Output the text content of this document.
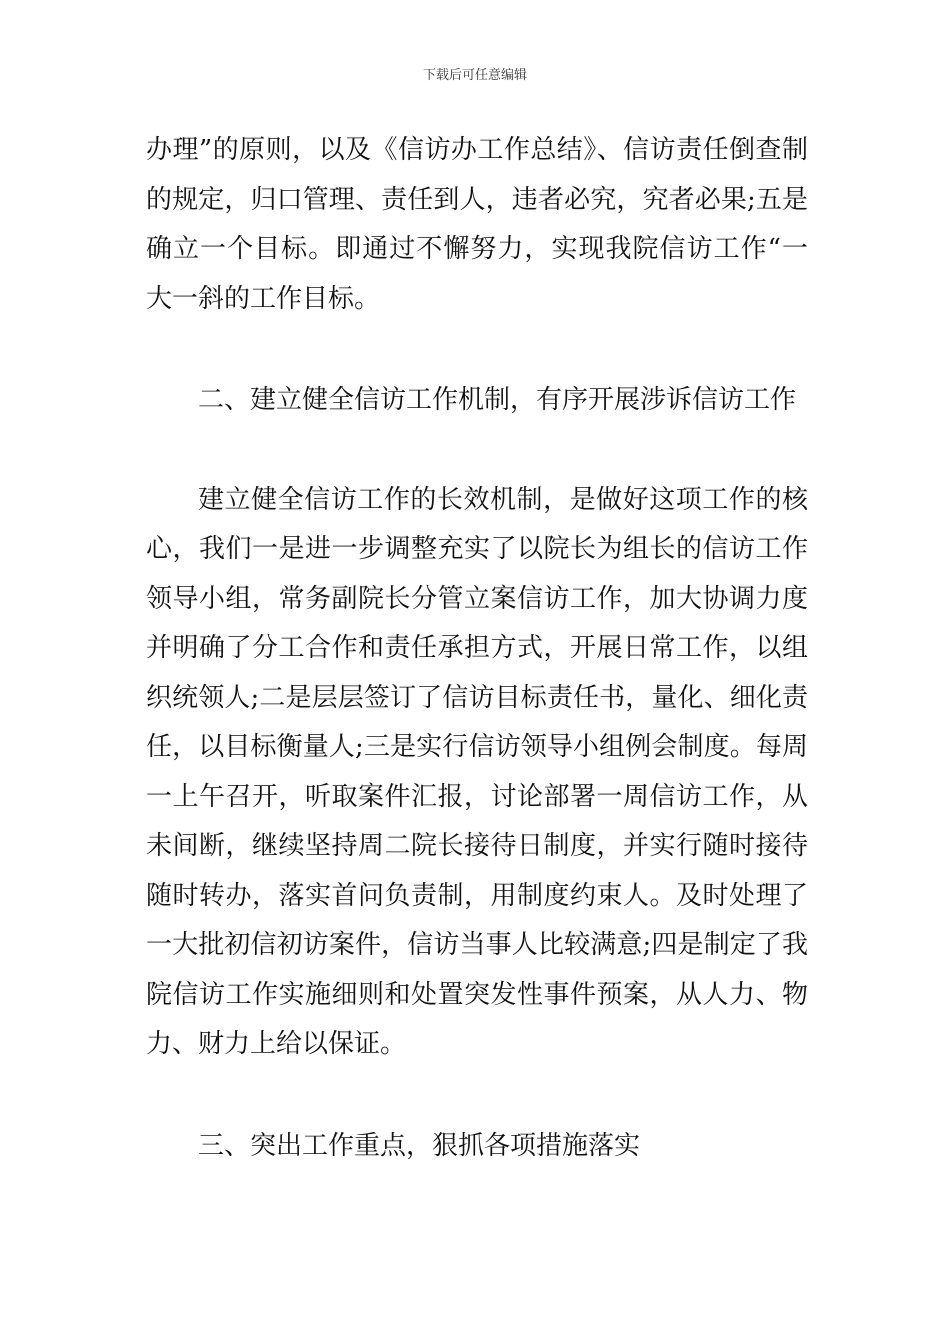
下载后可任意编辑

办理”的原则，以及《信访办工作总结》、信访责任倒查制的规定，归口管理、责任到人，违者必究，究者必果;五是确立一个目标。即通过不懈努力，实现我院信访工作“一大一斜的工作目标。

二、建立健全信访工作机制，有序开展涉诉信访工作

建立健全信访工作的长效机制，是做好这项工作的核心，我们一是进一步调整充实了以院长为组长的信访工作领导小组，常务副院长分管立案信访工作，加大协调力度并明确了分工合作和责任承担方式，开展日常工作，以组织统领人;二是层层签订了信访目标责任书，量化、细化责任，以目标衡量人;三是实行信访领导小组例会制度。每周一上午召开，听取案件汇报，讨论部署一周信访工作，从未间断，继续坚持周二院长接待日制度，并实行随时接待随时转办，落实首问负责制，用制度约束人。及时处理了一大批初信初访案件，信访当事人比较满意;四是制定了我院信访工作实施细则和处置突发性事件预案，从人力、物力、财力上给以保证。

三、突出工作重点，狠抓各项措施落实
